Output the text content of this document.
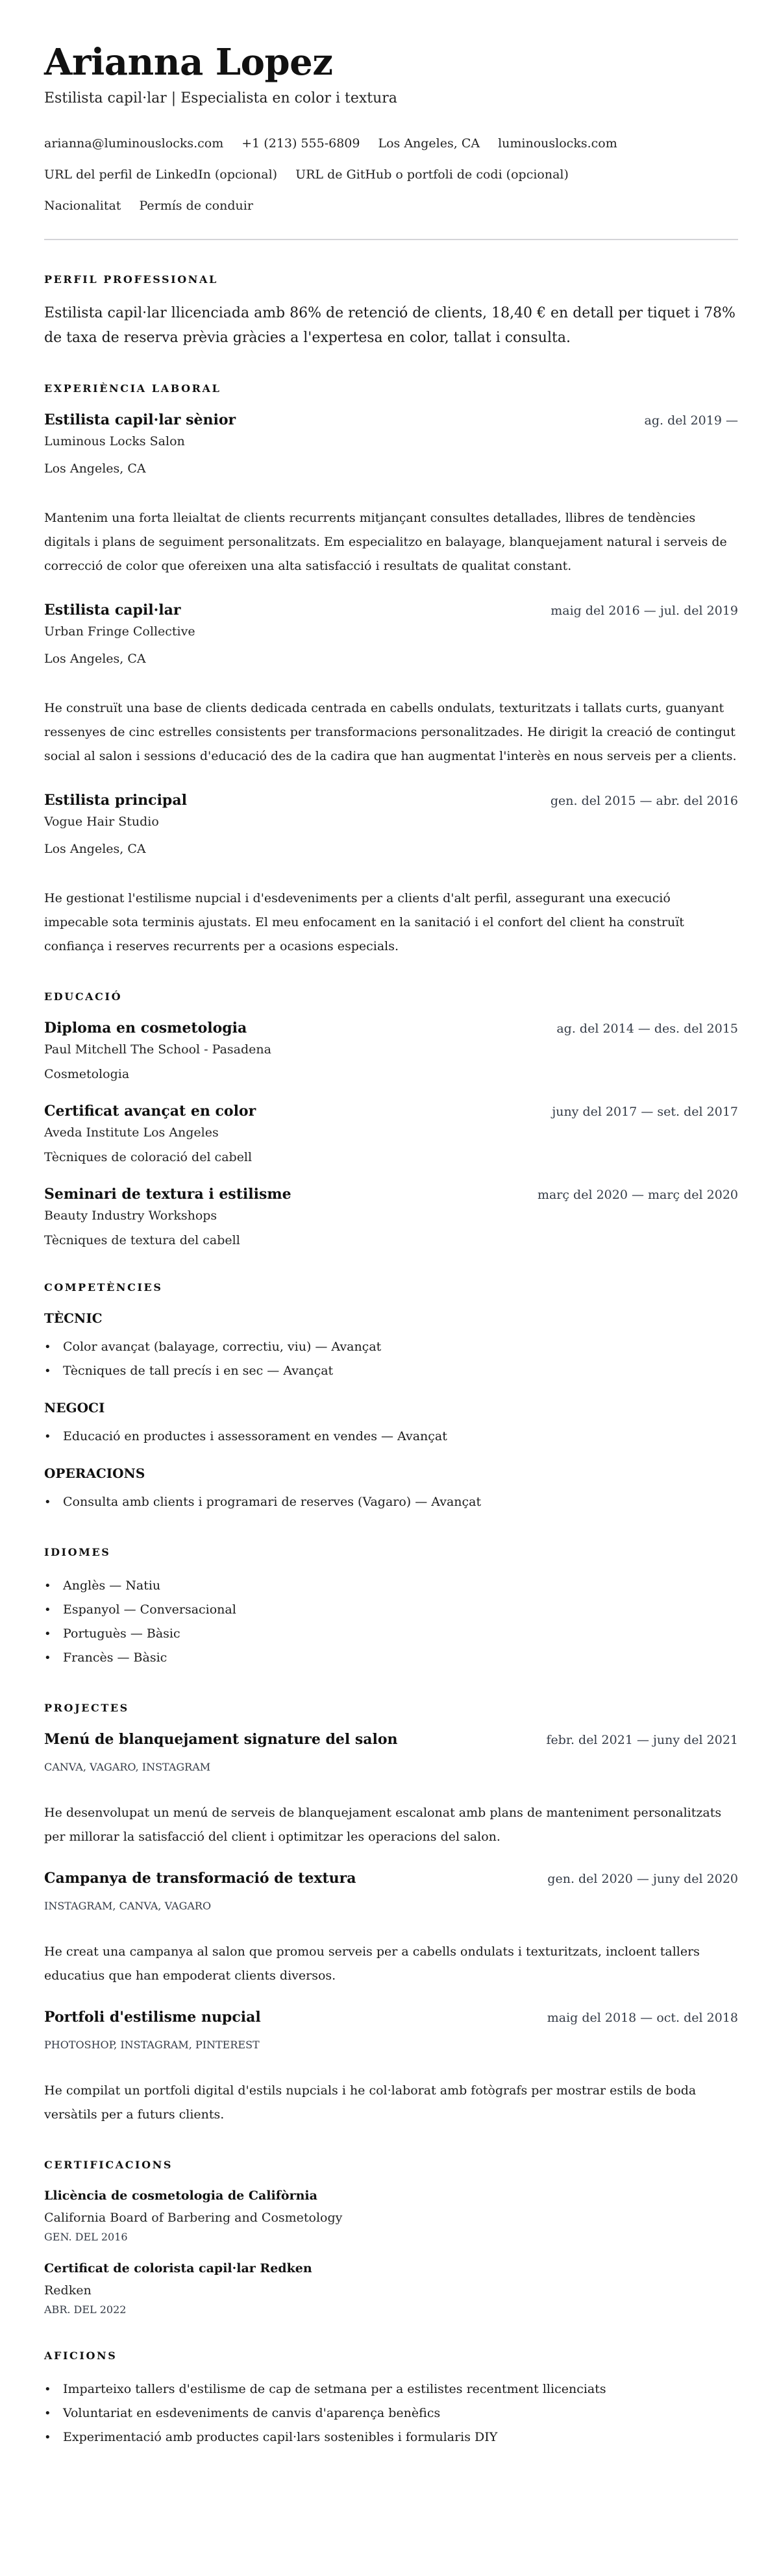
Arianna Lopez
Estilista capil·lar | Especialista en color i textura
arianna@luminouslocks.com +1 (213) 555-6809 Los Angeles, CA luminouslocks.com
URL del perfil de LinkedIn (opcional) URL de GitHub o portfoli de codi (opcional)
Nacionalitat Permís de conduir
PERFIL PROFESSIONAL

Estilista capil·lar llicenciada amb 86% de retenció de clients, 18,40 € en detall per tiquet i 78% de taxa de reserva prèvia gràcies a l'expertesa en color, tallat i consulta.

EXPERIÈNCIA LABORAL
Estilista capil·lar sènior	ag. del 2019 —
Luminous Locks Salon
Los Angeles, CA
Mantenim una forta lleialtat de clients recurrents mitjançant consultes detallades, llibres de tendències digitals i plans de seguiment personalitzats. Em especialitzo en balayage, blanquejament natural i serveis de correcció de color que ofereixen una alta satisfacció i resultats de qualitat constant.
Estilista capil·lar	maig del 2016 — jul. del 2019
Urban Fringe Collective
Los Angeles, CA
He construït una base de clients dedicada centrada en cabells ondulats, texturitzats i tallats curts, guanyant ressenyes de cinc estrelles consistents per transformacions personalitzades. He dirigit la creació de contingut social al salon i sessions d'educació des de la cadira que han augmentat l'interès en nous serveis per a clients.
Estilista principal	gen. del 2015 — abr. del 2016
Vogue Hair Studio
Los Angeles, CA
He gestionat l'estilisme nupcial i d'esdeveniments per a clients d'alt perfil, assegurant una execució impecable sota terminis ajustats. El meu enfocament en la sanitació i el confort del client ha construït confiança i reserves recurrents per a ocasions especials.
EDUCACIÓ
Diploma en cosmetologia	ag. del 2014 — des. del 2015
Paul Mitchell The School - Pasadena
Cosmetologia
Certificat avançat en color	juny del 2017 — set. del 2017
Aveda Institute Los Angeles
Tècniques de coloració del cabell
Seminari de textura i estilisme	març del 2020 — març del 2020
Beauty Industry Workshops
Tècniques de textura del cabell
COMPETÈNCIES
TÈCNIC
• Color avançat (balayage, correctiu, viu) — Avançat
• Tècniques de tall precís i en sec — Avançat
NEGOCI
• Educació en productes i assessorament en vendes — Avançat
OPERACIONS
• Consulta amb clients i programari de reserves (Vagaro) — Avançat
IDIOMES
• Anglès — Natiu
• Espanyol — Conversacional
• Portuguès — Bàsic
• Francès — Bàsic
PROJECTES
Menú de blanquejament signature del salon	febr. del 2021 — juny del 2021
CANVA, VAGARO, INSTAGRAM
He desenvolupat un menú de serveis de blanquejament escalonat amb plans de manteniment personalitzats per millorar la satisfacció del client i optimitzar les operacions del salon.
Campanya de transformació de textura	gen. del 2020 — juny del 2020
INSTAGRAM, CANVA, VAGARO
He creat una campanya al salon que promou serveis per a cabells ondulats i texturitzats, incloent tallers educatius que han empoderat clients diversos.
Portfoli d'estilisme nupcial	maig del 2018 — oct. del 2018
PHOTOSHOP, INSTAGRAM, PINTEREST
He compilat un portfoli digital d'estils nupcials i he col·laborat amb fotògrafs per mostrar estils de boda versàtils per a futurs clients.
CERTIFICACIONS
Llicència de cosmetologia de Califòrnia
California Board of Barbering and Cosmetology
GEN. DEL 2016
Certificat de colorista capil·lar Redken
Redken
ABR. DEL 2022
AFICIONS
• Imparteixo tallers d'estilisme de cap de setmana per a estilistes recentment llicenciats
• Voluntariat en esdeveniments de canvis d'aparença benèfics
• Experimentació amb productes capil·lars sostenibles i formularis DIY
